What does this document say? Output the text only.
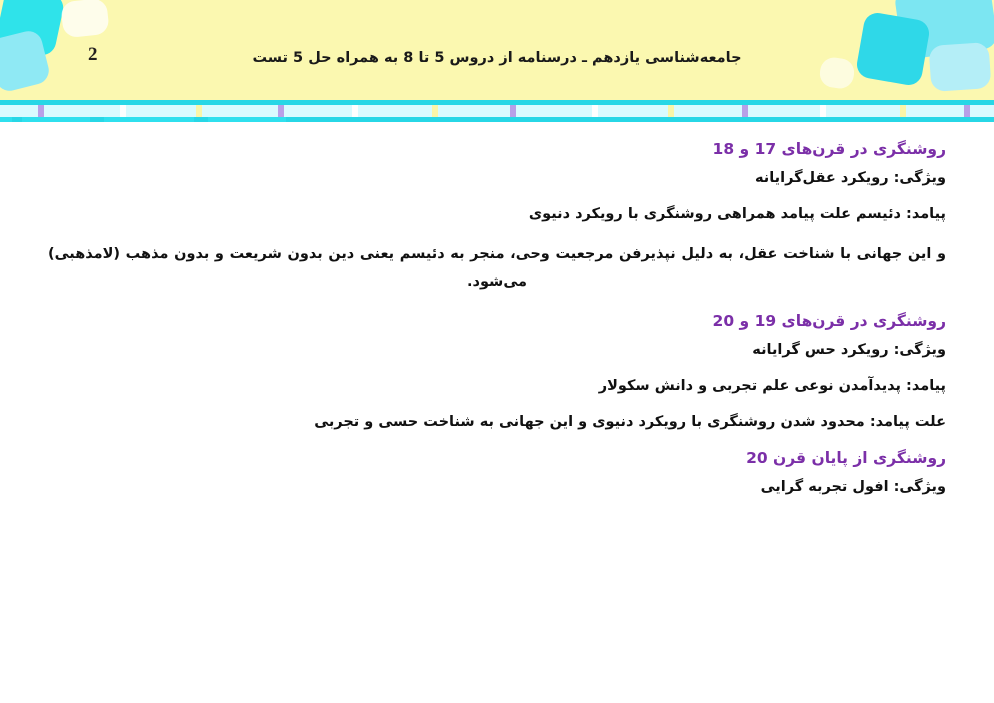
2	جامعه‌شناسی یازدهم ـ درسنامه از دروس 5 تا 8 به همراه حل 5 تست
روشنگری در قرن‌های 17 و 18

ویژگی: رویکرد عقل‌گرایانه

پیامد: دئیسم علت پیامد همراهی روشنگری با رویکرد دنیوی

و این جهانی با شناخت عقل، به دلیل نپذیرفن مرجعیت وحی، منجر به دئیسم یعنی دین بدون شریعت و بدون مذهب (لامذهبی) می‌شود.

روشنگری در قرن‌های 19 و 20

ویژگی: رویکرد حس گرایانه

پیامد: پدیدآمدن نوعی علم تجربی و دانش سکولار

علت پیامد: محدود شدن روشنگری با رویکرد دنیوی و این جهانی به شناخت حسی و تجربی

روشنگری از پایان قرن 20

ویژگی: افول تجربه گرایی
